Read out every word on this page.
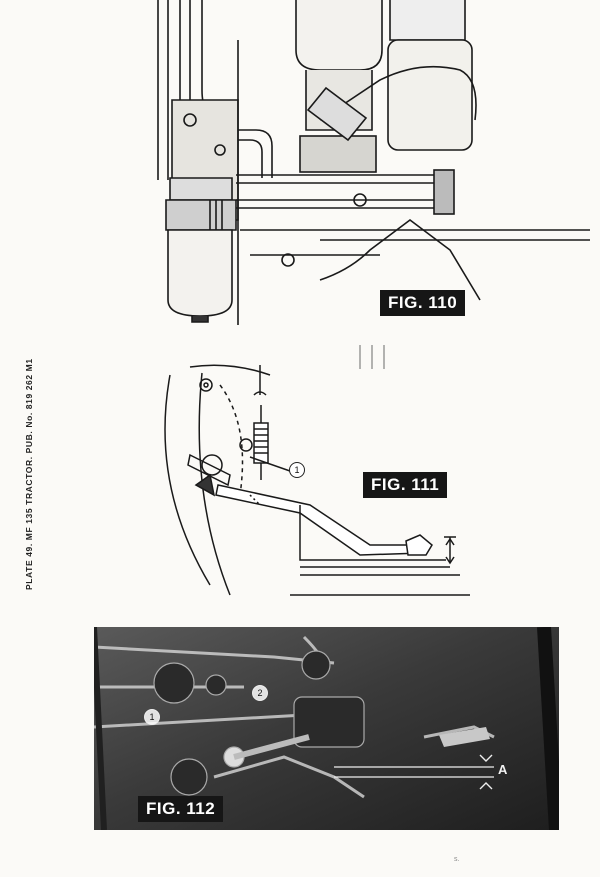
PLATE 49. MF 135 TRACTOR. PUB. No. 819 262 M1
FIG. 110
1
FIG. 111
1
2
A
FIG. 112
s.
